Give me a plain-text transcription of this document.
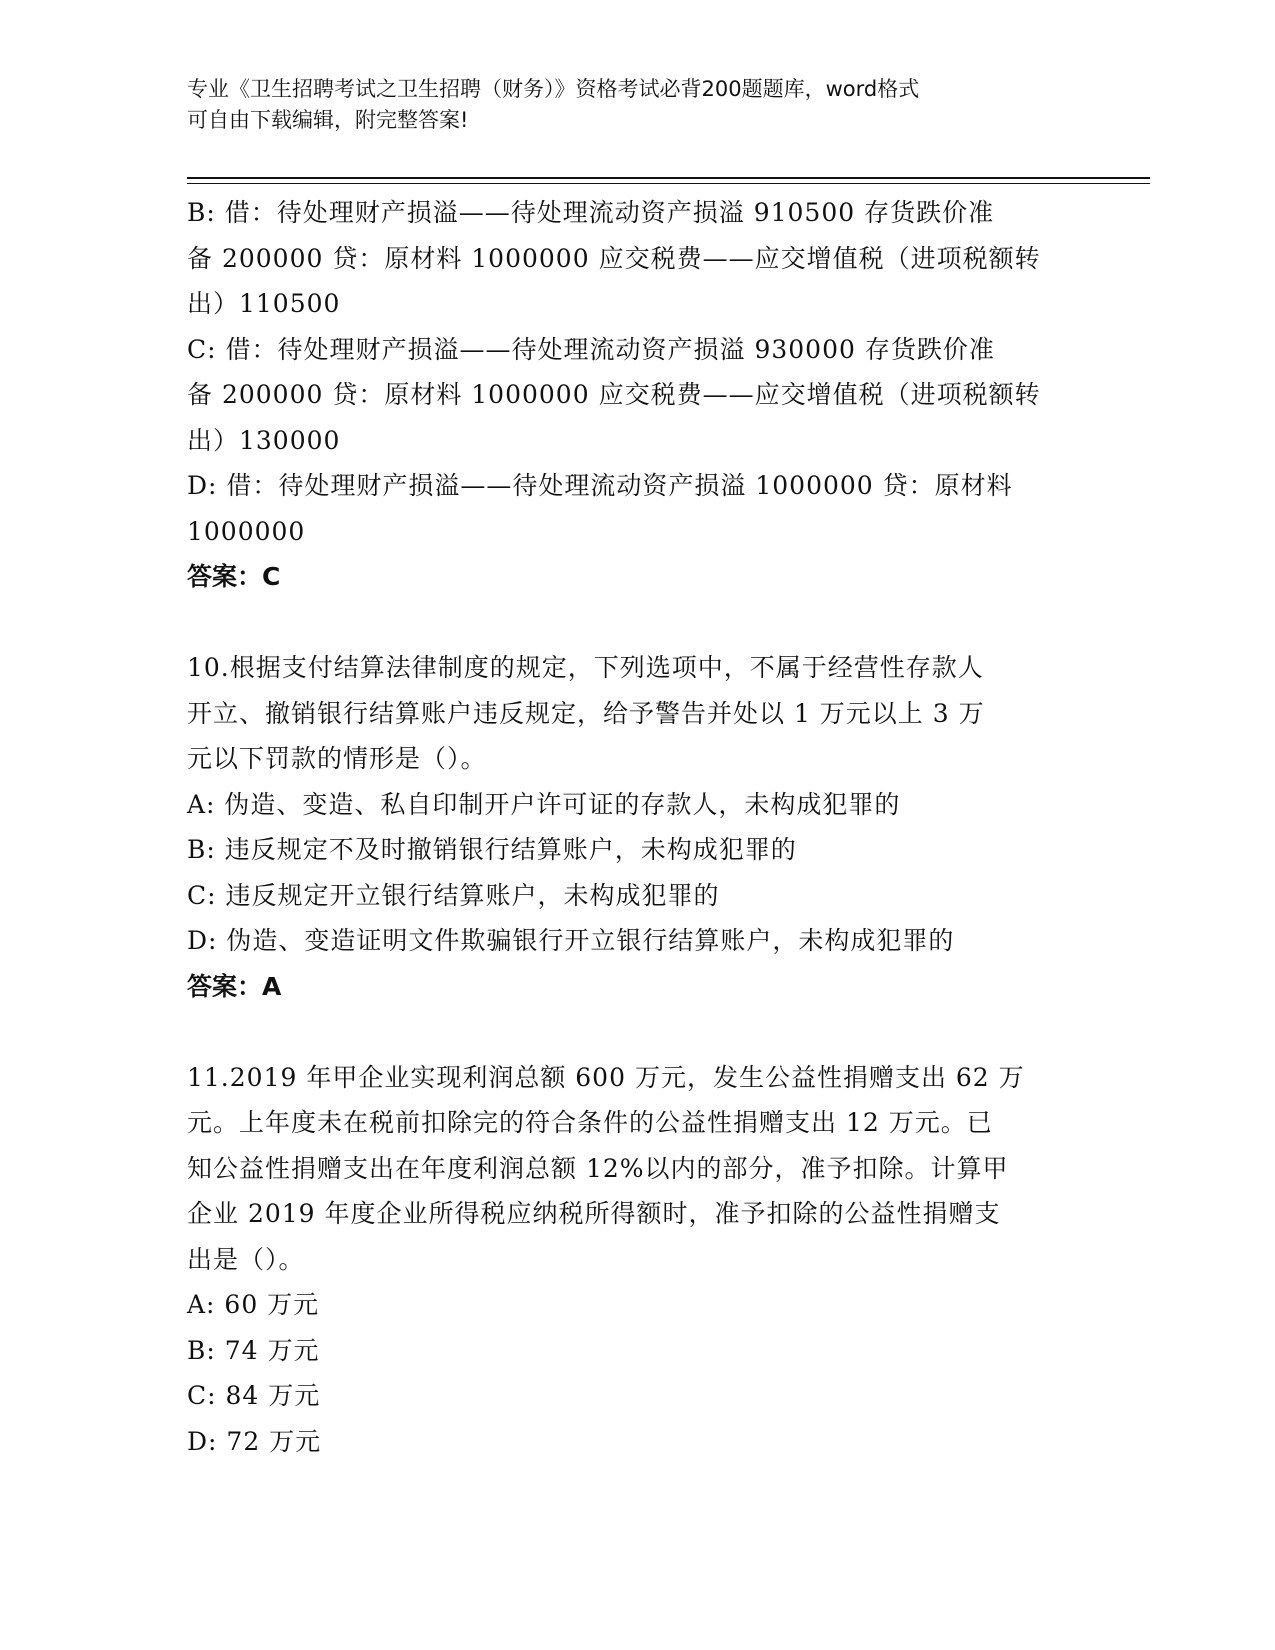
专业《卫生招聘考试之卫生招聘（财务）》资格考试必背200题题库，word格式
可自由下载编辑，附完整答案!
B: 借：待处理财产损溢——待处理流动资产损溢 910500 存货跌价准
备 200000 贷：原材料 1000000 应交税费——应交增值税（进项税额转
出）110500
C: 借：待处理财产损溢——待处理流动资产损溢 930000 存货跌价准
备 200000 贷：原材料 1000000 应交税费——应交增值税（进项税额转
出）130000
D: 借：待处理财产损溢——待处理流动资产损溢 1000000 贷：原材料
1000000
答案：C
10.根据支付结算法律制度的规定，下列选项中，不属于经营性存款人
开立、撤销银行结算账户违反规定，给予警告并处以 1 万元以上 3 万
元以下罚款的情形是（）。
A: 伪造、变造、私自印制开户许可证的存款人，未构成犯罪的
B: 违反规定不及时撤销银行结算账户，未构成犯罪的
C: 违反规定开立银行结算账户，未构成犯罪的
D: 伪造、变造证明文件欺骗银行开立银行结算账户，未构成犯罪的
答案：A
11.2019 年甲企业实现利润总额 600 万元，发生公益性捐赠支出 62 万
元。上年度未在税前扣除完的符合条件的公益性捐赠支出 12 万元。已
知公益性捐赠支出在年度利润总额 12%以内的部分，准予扣除。计算甲
企业 2019 年度企业所得税应纳税所得额时，准予扣除的公益性捐赠支
出是（）。
A: 60 万元
B: 74 万元
C: 84 万元
D: 72 万元
